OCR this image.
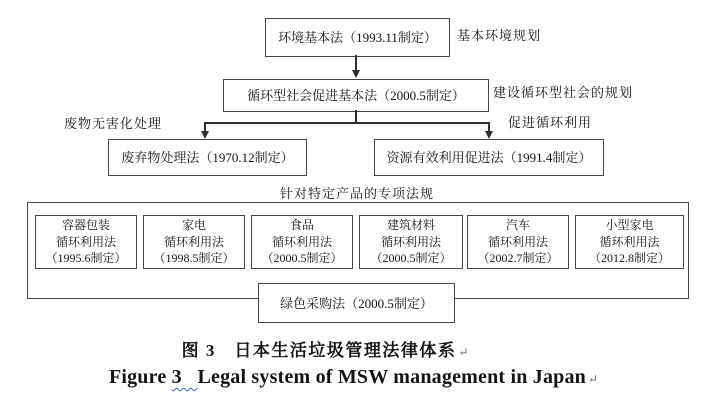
环境基本法（1993.11制定） 基本环境规划
循环型社会促进基本法（2000.5制定） 建设循环型社会的规划
废物无害化处理	促进循环利用
废弃物处理法（1970.12制定）	资源有效利用促进法（1991.4制定）
针对特定产品的专项法规
容器包装
循环利用法
（1995.6制定）
家电
循环利用法
（1998.5制定）
食品
循环利用法
（2000.5制定）
建筑材料
循环利用法
（2000.5制定）
汽车
循环利用法
（2002.7制定）
小型家电
循环利用法
（2012.8制定）
绿色采购法（2000.5制定）
图 3　日本生活垃圾管理法律体系 ↵
Figure 3   Legal system of MSW management in Japan ↵
